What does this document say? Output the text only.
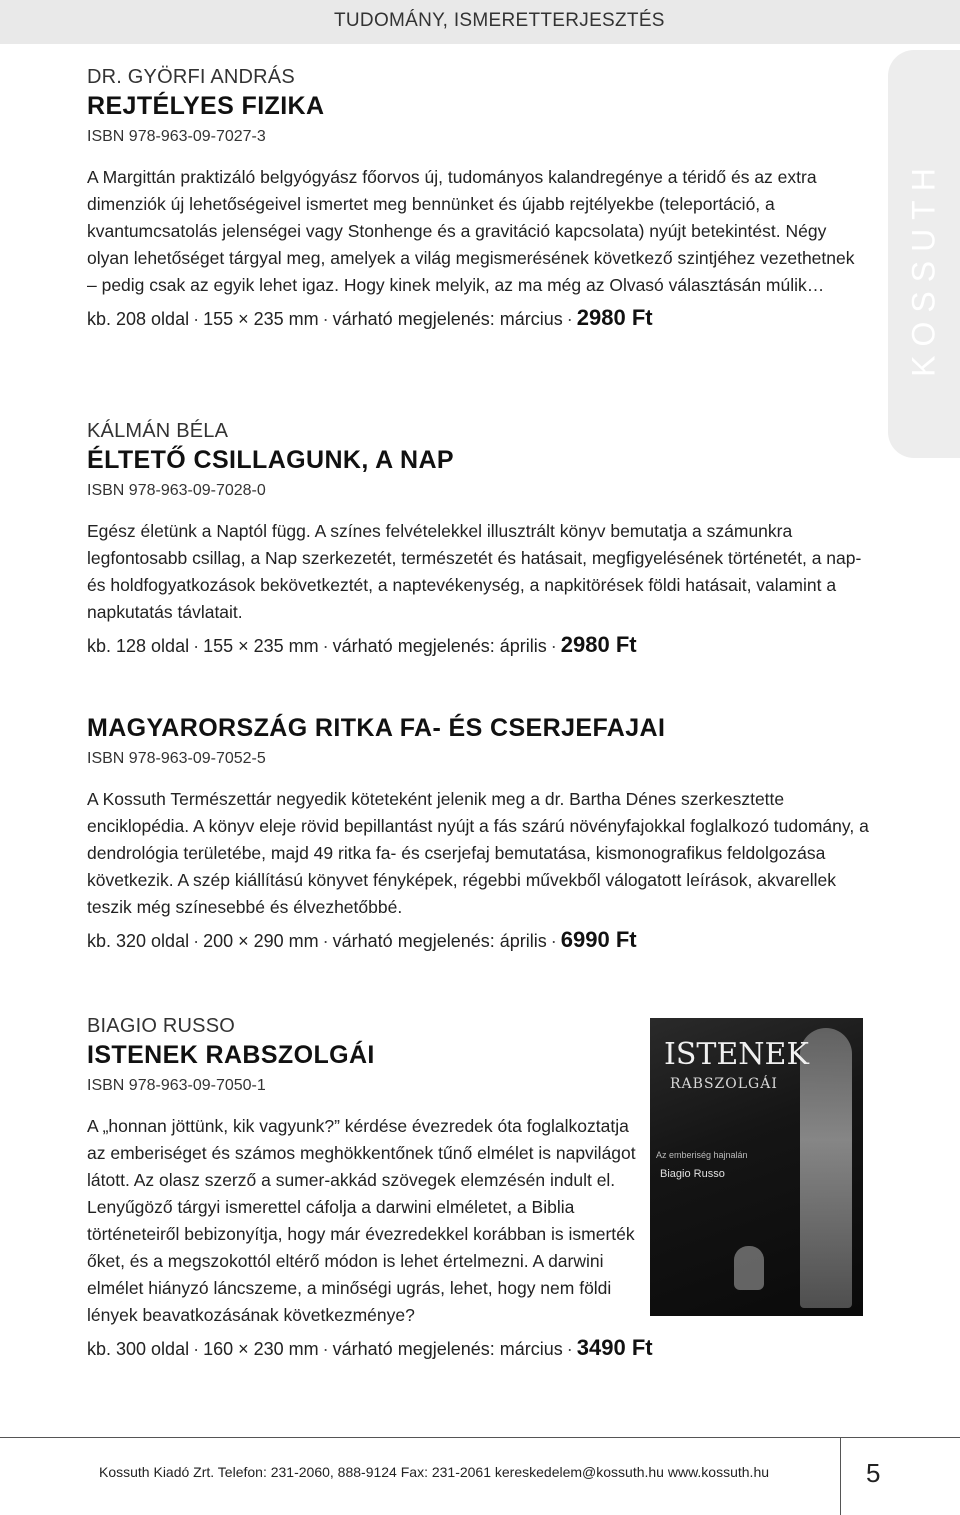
TUDOMÁNY, ISMERETTERJESZTÉS
KOSSUTH
DR. GYÖRFI ANDRÁS
REJTÉLYES FIZIKA
ISBN 978-963-09-7027-3
A Margittán praktizáló belgyógyász főorvos új, tudományos kalandregénye a téridő és az extra dimenziók új lehetőségeivel ismertet meg bennünket és újabb rejtélyekbe (teleportáció, a kvantumcsatolás jelenségei vagy Stonhenge és a gravitáció kapcsolata) nyújt betekintést. Négy olyan lehetőséget tárgyal meg, amelyek a világ megismerésének következő szintjéhez vezethetnek – pedig csak az egyik lehet igaz. Hogy kinek melyik, az ma még az Olvasó választásán múlik…
kb. 208 oldal · 155 × 235 mm · várható megjelenés: március · 2980 Ft
KÁLMÁN BÉLA
ÉLTETŐ CSILLAGUNK, A NAP
ISBN 978-963-09-7028-0
Egész életünk a Naptól függ. A színes felvételekkel illusztrált könyv bemutatja a számunkra legfontosabb csillag, a Nap szerkezetét, természetét és hatásait, megfigyelésének történetét, a nap- és holdfogyatkozások bekövetkeztét, a naptevékenység, a napkitörések földi hatásait, valamint a napkutatás távlatait.
kb. 128 oldal · 155 × 235 mm · várható megjelenés: április · 2980 Ft
MAGYARORSZÁG RITKA FA- ÉS CSERJEFAJAI
ISBN 978-963-09-7052-5
A Kossuth Természettár negyedik köteteként jelenik meg a dr. Bartha Dénes szerkesztette enciklopédia. A könyv eleje rövid bepillantást nyújt a fás szárú növényfajokkal foglalkozó tudomány, a dendrológia területébe, majd 49 ritka fa- és cserjefaj bemutatása, kismonografikus feldolgozása következik. A szép kiállítású könyvet fényképek, régebbi művekből válogatott leírások, akvarellek teszik még színesebbé és élvezhetőbbé.
kb. 320 oldal · 200 × 290 mm · várható megjelenés: április · 6990 Ft
BIAGIO RUSSO
ISTENEK RABSZOLGÁI
ISBN 978-963-09-7050-1
A „honnan jöttünk, kik vagyunk?” kérdése évezredek óta foglalkoztatja az emberiséget és számos meghökkentőnek tűnő elmélet is napvilágot látott. Az olasz szerző a sumer-akkád szövegek elemzésén indult el. Lenyűgöző tárgyi ismerettel cáfolja a darwini elméletet, a Biblia történeteiről bebizonyítja, hogy már évezredekkel korábban is ismerték őket, és a megszokottól eltérő módon is lehet értelmezni. A darwini elmélet hiányzó láncszeme, a minőségi ugrás, lehet, hogy nem földi lények beavatkozásának következménye?
kb. 300 oldal · 160 × 230 mm · várható megjelenés: március · 3490 Ft
ISTENEK
RABSZOLGÁI
Az emberiség hajnalán
Biagio Russo
Kossuth Kiadó Zrt. Telefon: 231-2060, 888-9124 Fax: 231-2061 kereskedelem@kossuth.hu www.kossuth.hu	5
